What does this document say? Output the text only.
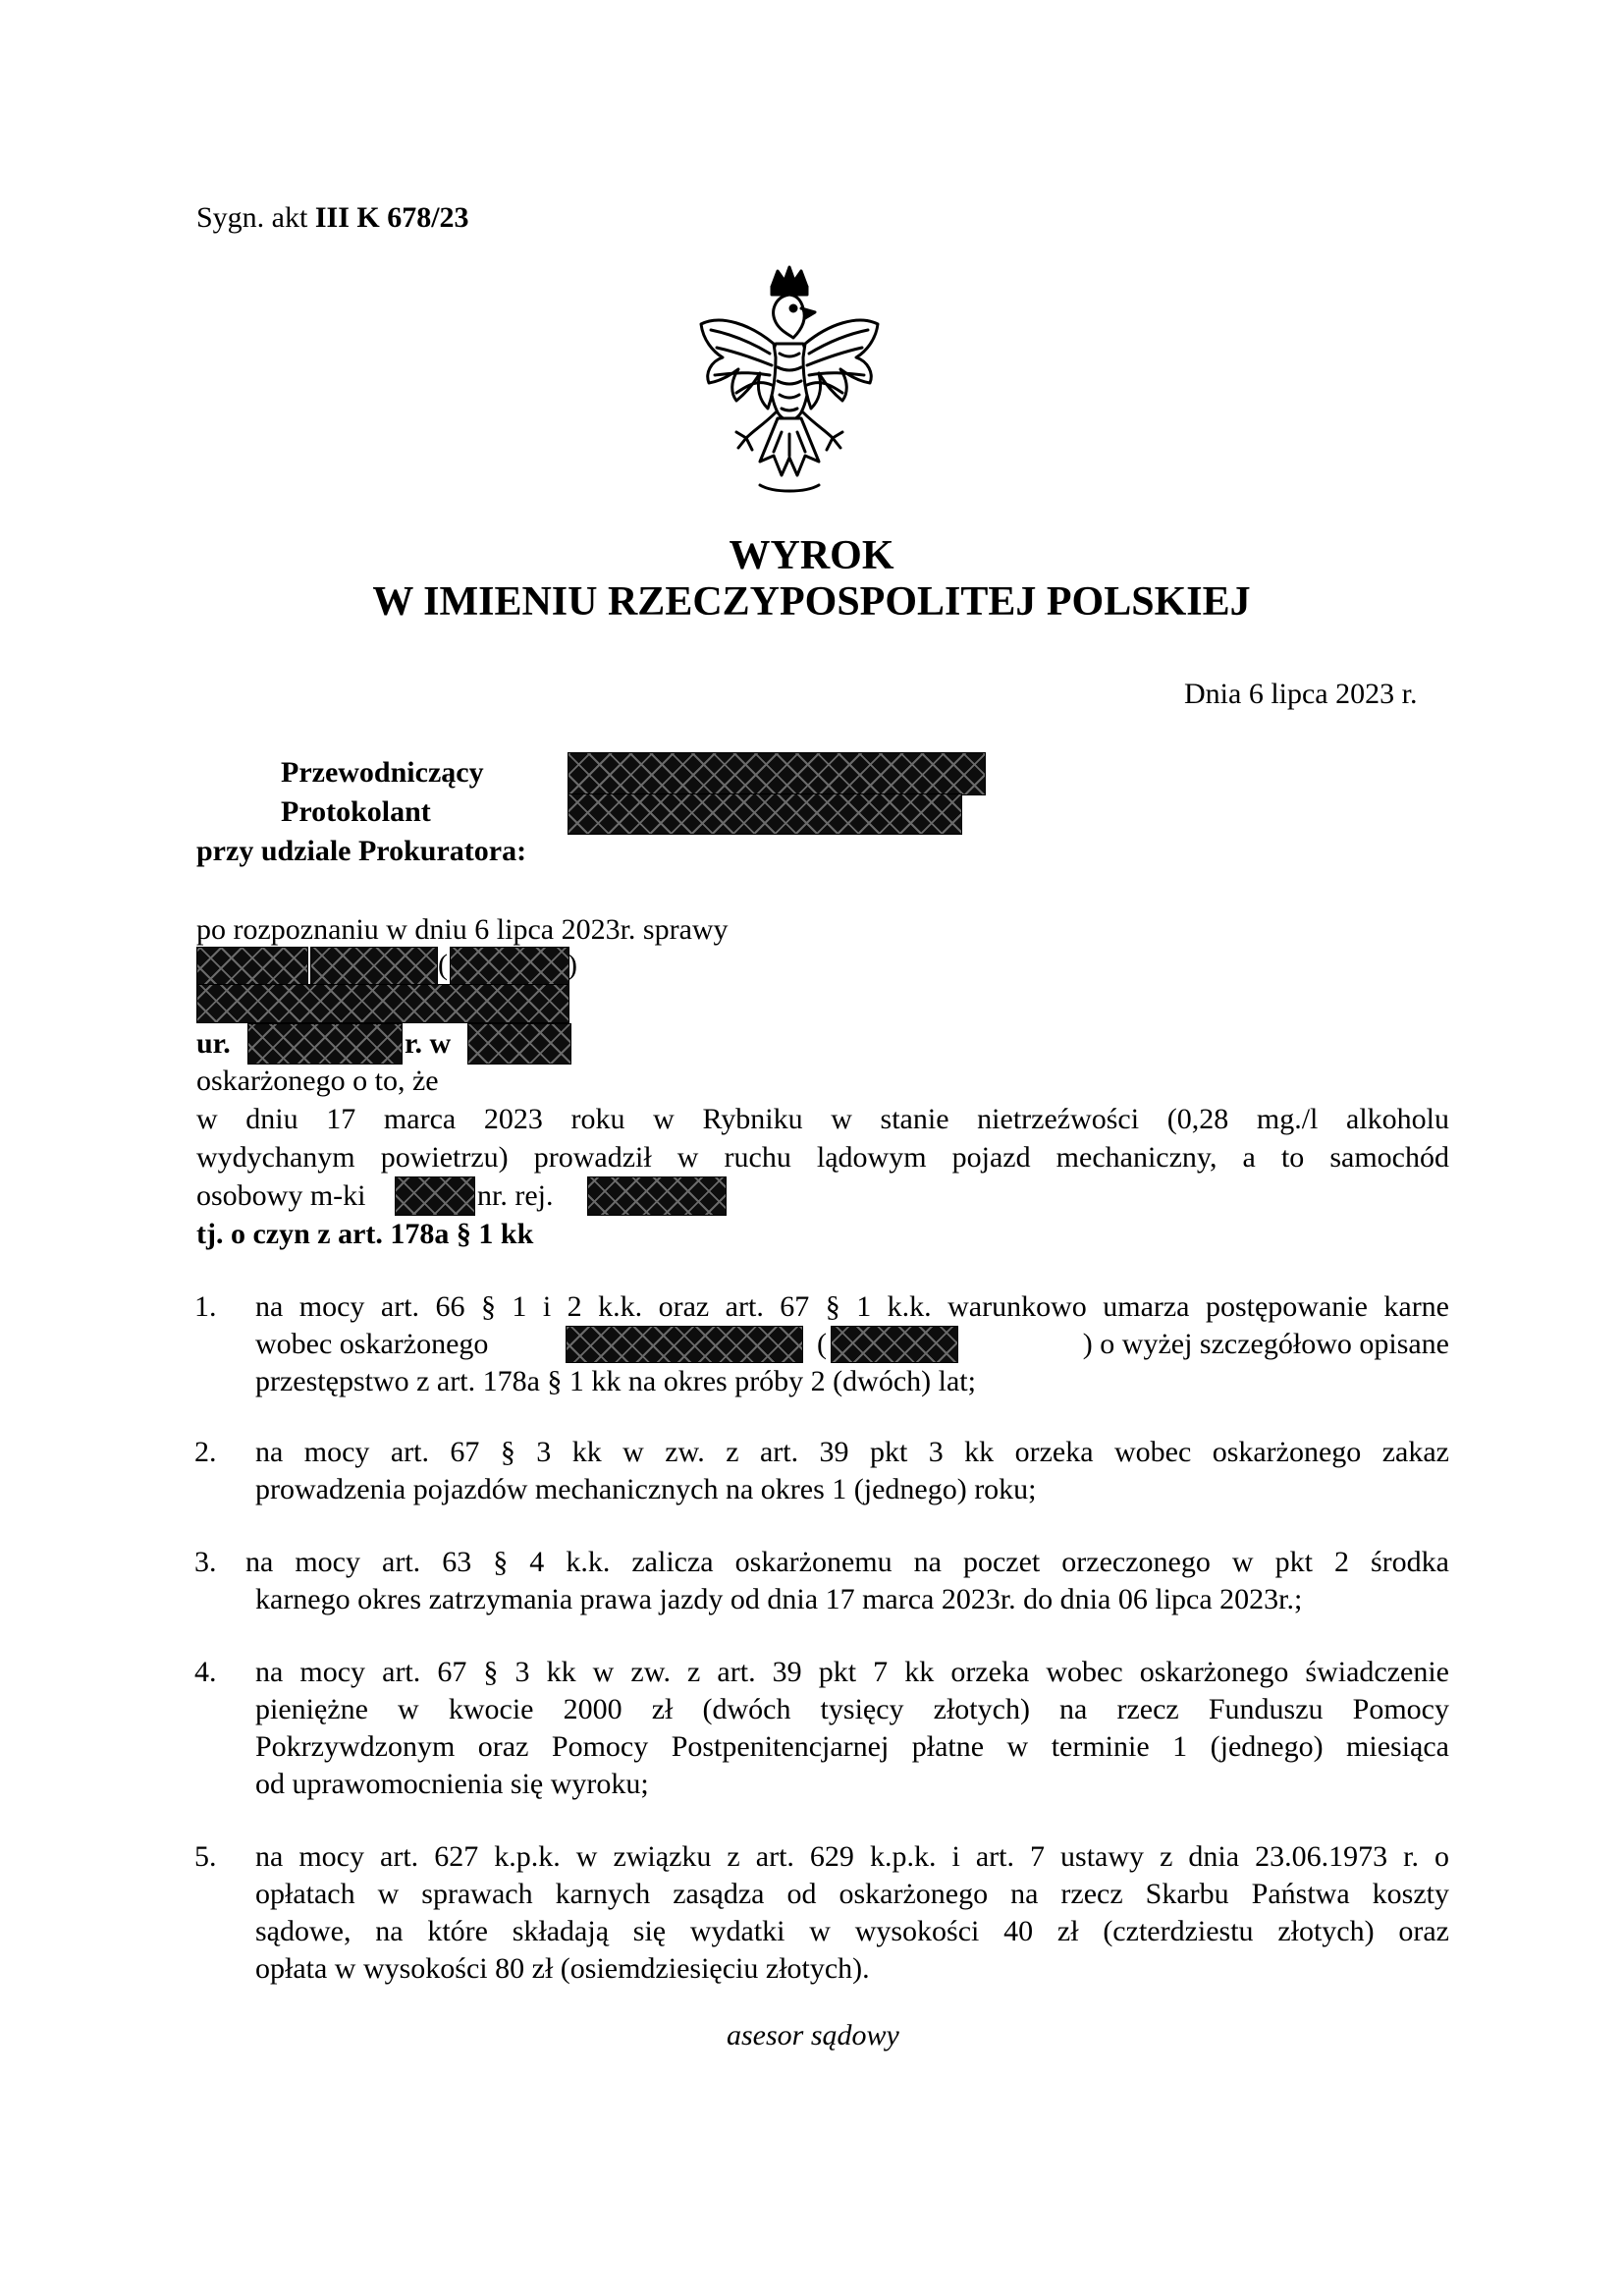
Sygn. akt III K 678/23
WYROK
W IMIENIU RZECZYPOSPOLITEJ POLSKIEJ
Dnia 6 lipca 2023 r.
Przewodniczący
Protokolant
przy udziale Prokuratora:
po rozpoznaniu w dniu 6 lipca 2023r. sprawy
(	)
ur.	r. w
oskarżonego o to, że
w dniu 17 marca 2023 roku w Rybniku w stanie nietrzeźwości (0,28 mg./l alkoholu
wydychanym powietrzu) prowadził w ruchu lądowym pojazd mechaniczny, a to samochód
osobowy m-ki	nr. rej.
tj. o czyn z art. 178a § 1 kk
1. na mocy art. 66 § 1 i 2 k.k. oraz art. 67 § 1 k.k. warunkowo umarza postępowanie karne
wobec oskarżonego	(	) o wyżej szczegółowo opisane
przestępstwo z art. 178a § 1 kk na okres próby 2 (dwóch) lat;
2. na mocy art. 67 § 3 kk w zw. z art. 39 pkt 3 kk orzeka wobec oskarżonego zakaz
prowadzenia pojazdów mechanicznych na okres 1 (jednego) roku;
3. na mocy art. 63 § 4 k.k. zalicza oskarżonemu na poczet orzeczonego w pkt 2 środka
karnego okres zatrzymania prawa jazdy od dnia 17 marca 2023r. do dnia 06 lipca 2023r.;
4. na mocy art. 67 § 3 kk w zw. z art. 39 pkt 7 kk orzeka wobec oskarżonego świadczenie
pieniężne w kwocie 2000 zł (dwóch tysięcy złotych) na rzecz Funduszu Pomocy
Pokrzywdzonym oraz Pomocy Postpenitencjarnej płatne w terminie 1 (jednego) miesiąca
od uprawomocnienia się wyroku;
5. na mocy art. 627 k.p.k. w związku z art. 629 k.p.k. i art. 7 ustawy z dnia 23.06.1973 r. o
opłatach w sprawach karnych zasądza od oskarżonego na rzecz Skarbu Państwa koszty
sądowe, na które składają się wydatki w wysokości 40 zł (czterdziestu złotych) oraz
opłata w wysokości 80 zł (osiemdziesięciu złotych).
asesor sądowy
